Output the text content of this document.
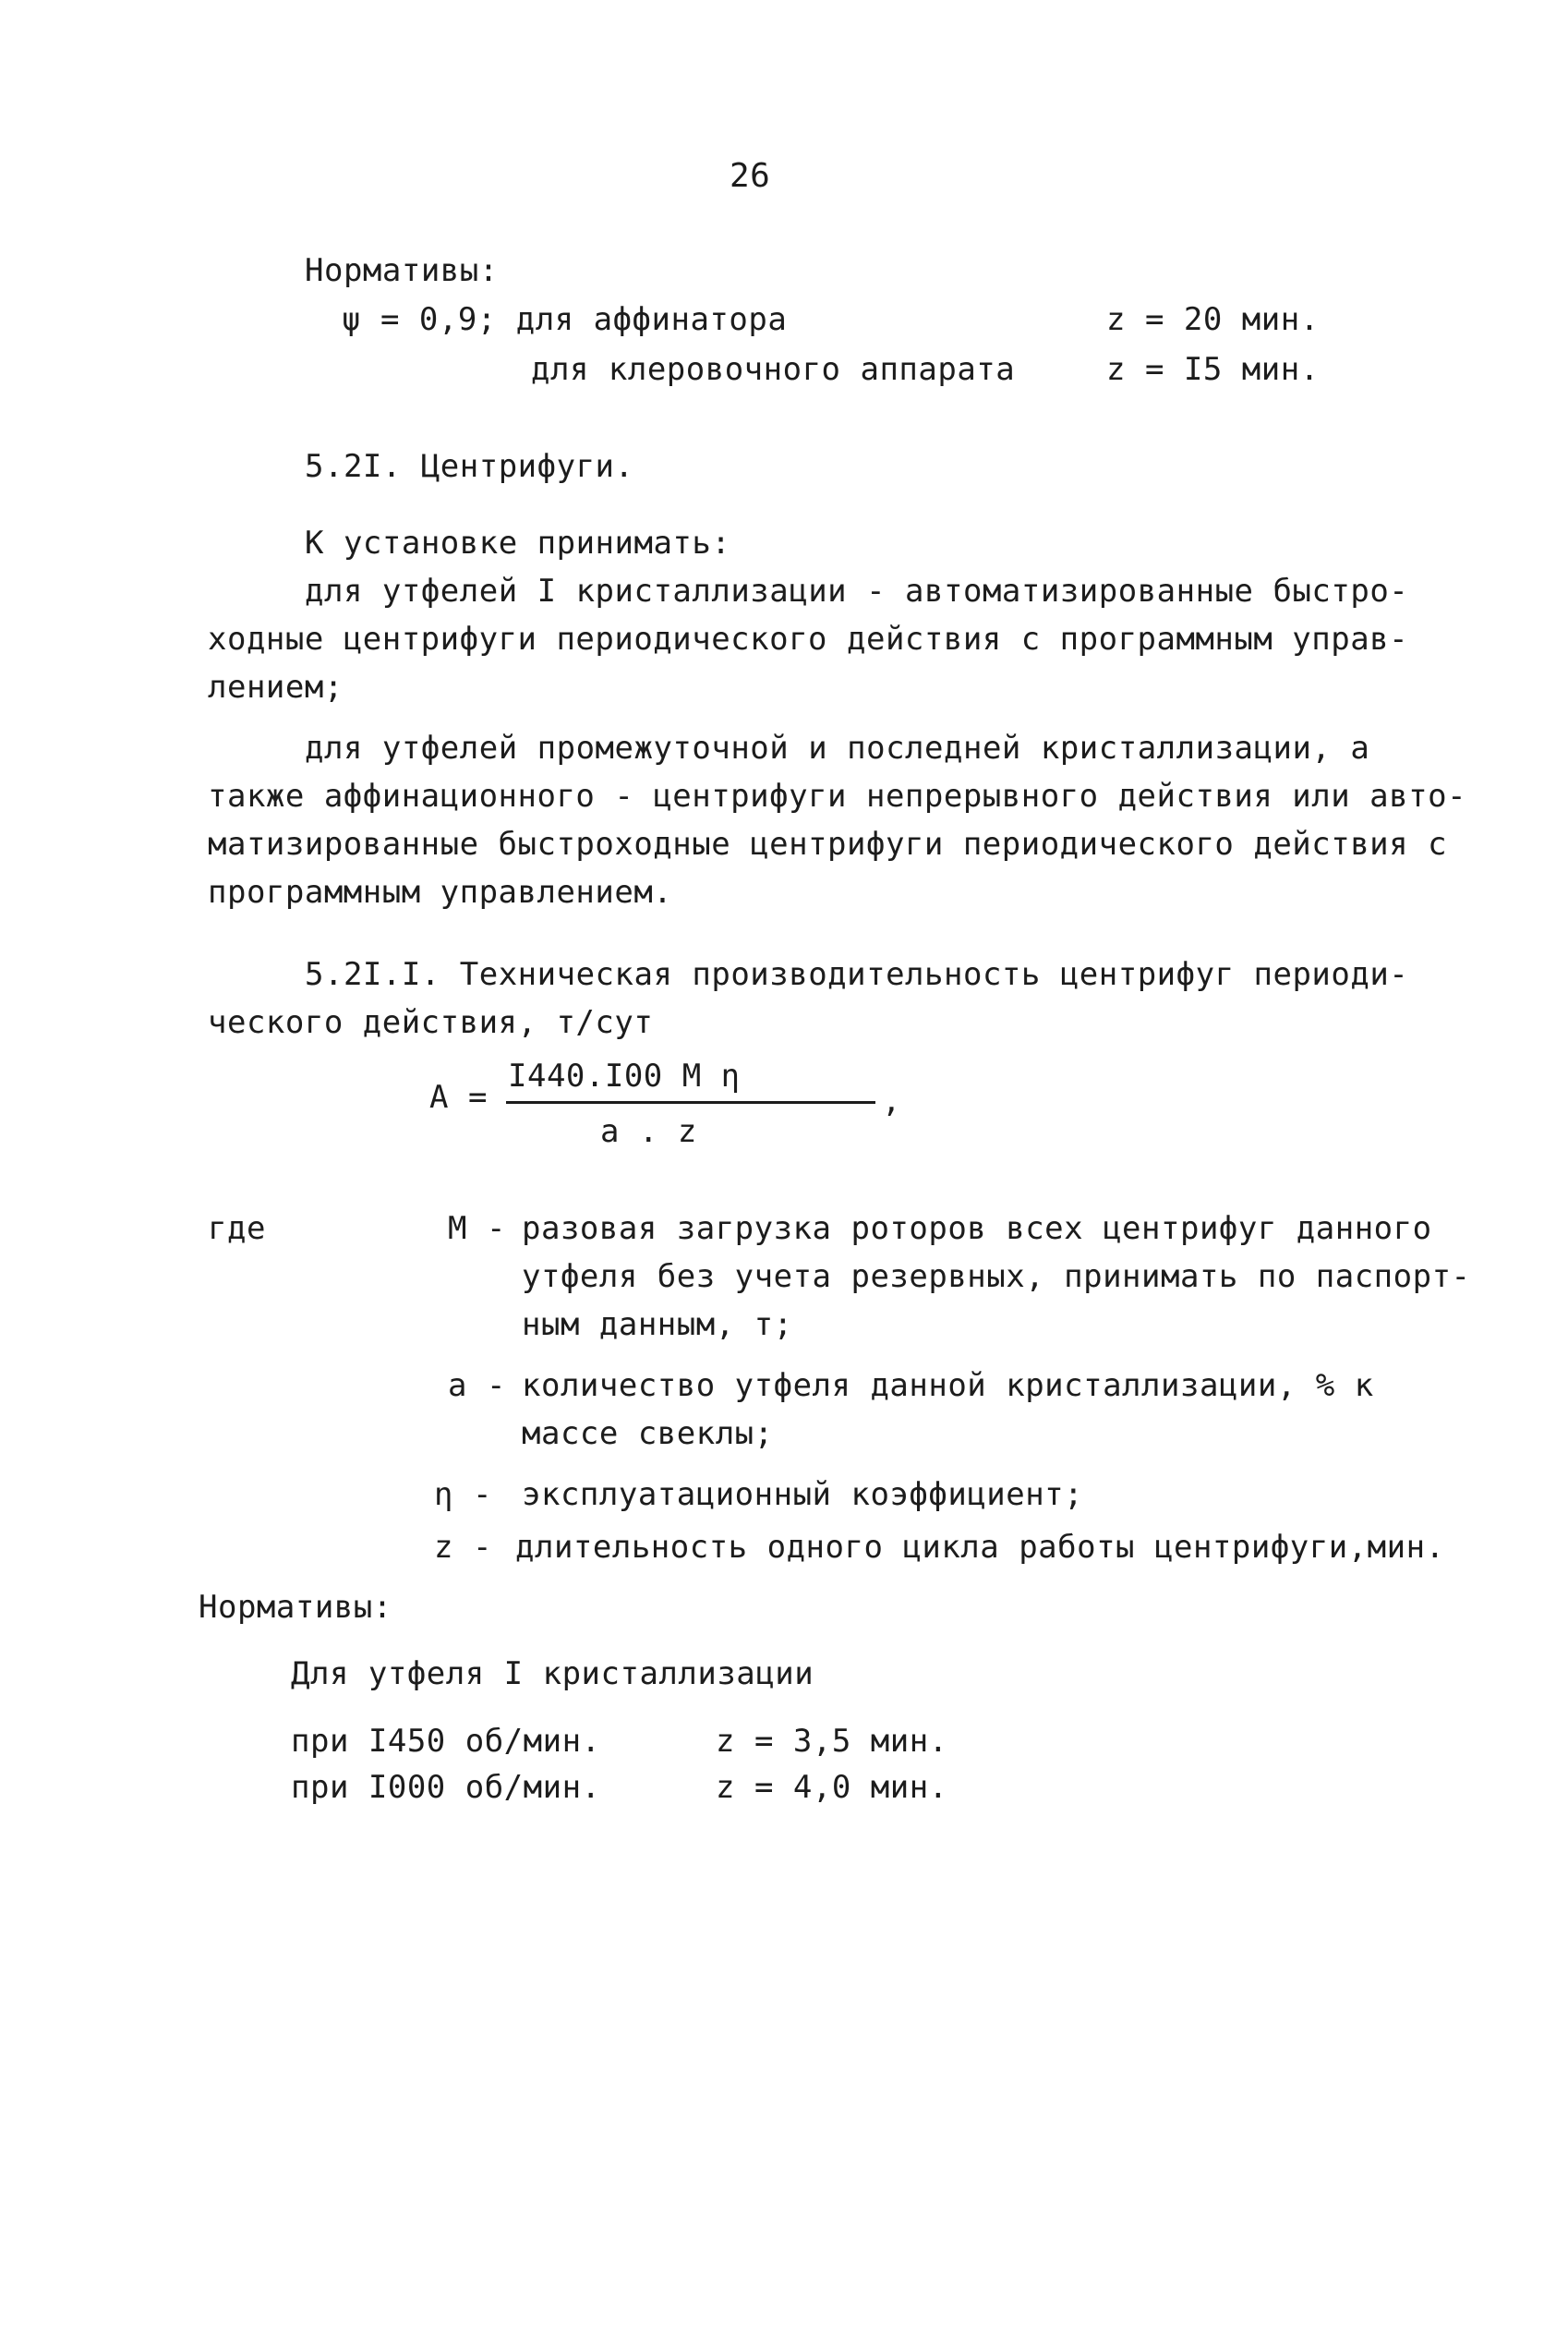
26
Нормативы:
ψ = 0,9; для аффинатора	z = 20 мин.
для клеровочного аппарата	z = I5 мин.
5.2I. Центрифуги.
К установке принимать:
для утфелей I кристаллизации - автоматизированные быстро-
ходные центрифуги периодического действия с программным управ-
лением;
для утфелей промежуточной и последней кристаллизации, а
также аффинационного - центрифуги непрерывного действия или авто-
матизированные быстроходные центрифуги периодического действия с
программным управлением.
5.2I.I. Техническая производительность центрифуг периоди-
ческого действия, т/сут
A =
I440.I00 M η
,
a . z
где	M - разовая загрузка роторов всех центрифуг данного
утфеля без учета резервных, принимать по паспорт-
ным данным, т;
a - количество утфеля данной кристаллизации, % к
массе свеклы;
η - эксплуатационный коэффициент;
z - длительность одного цикла работы центрифуги,мин.
Нормативы:
Для утфеля I кристаллизации
при I450 об/мин.	z = 3,5 мин.
при I000 об/мин.	z = 4,0 мин.
